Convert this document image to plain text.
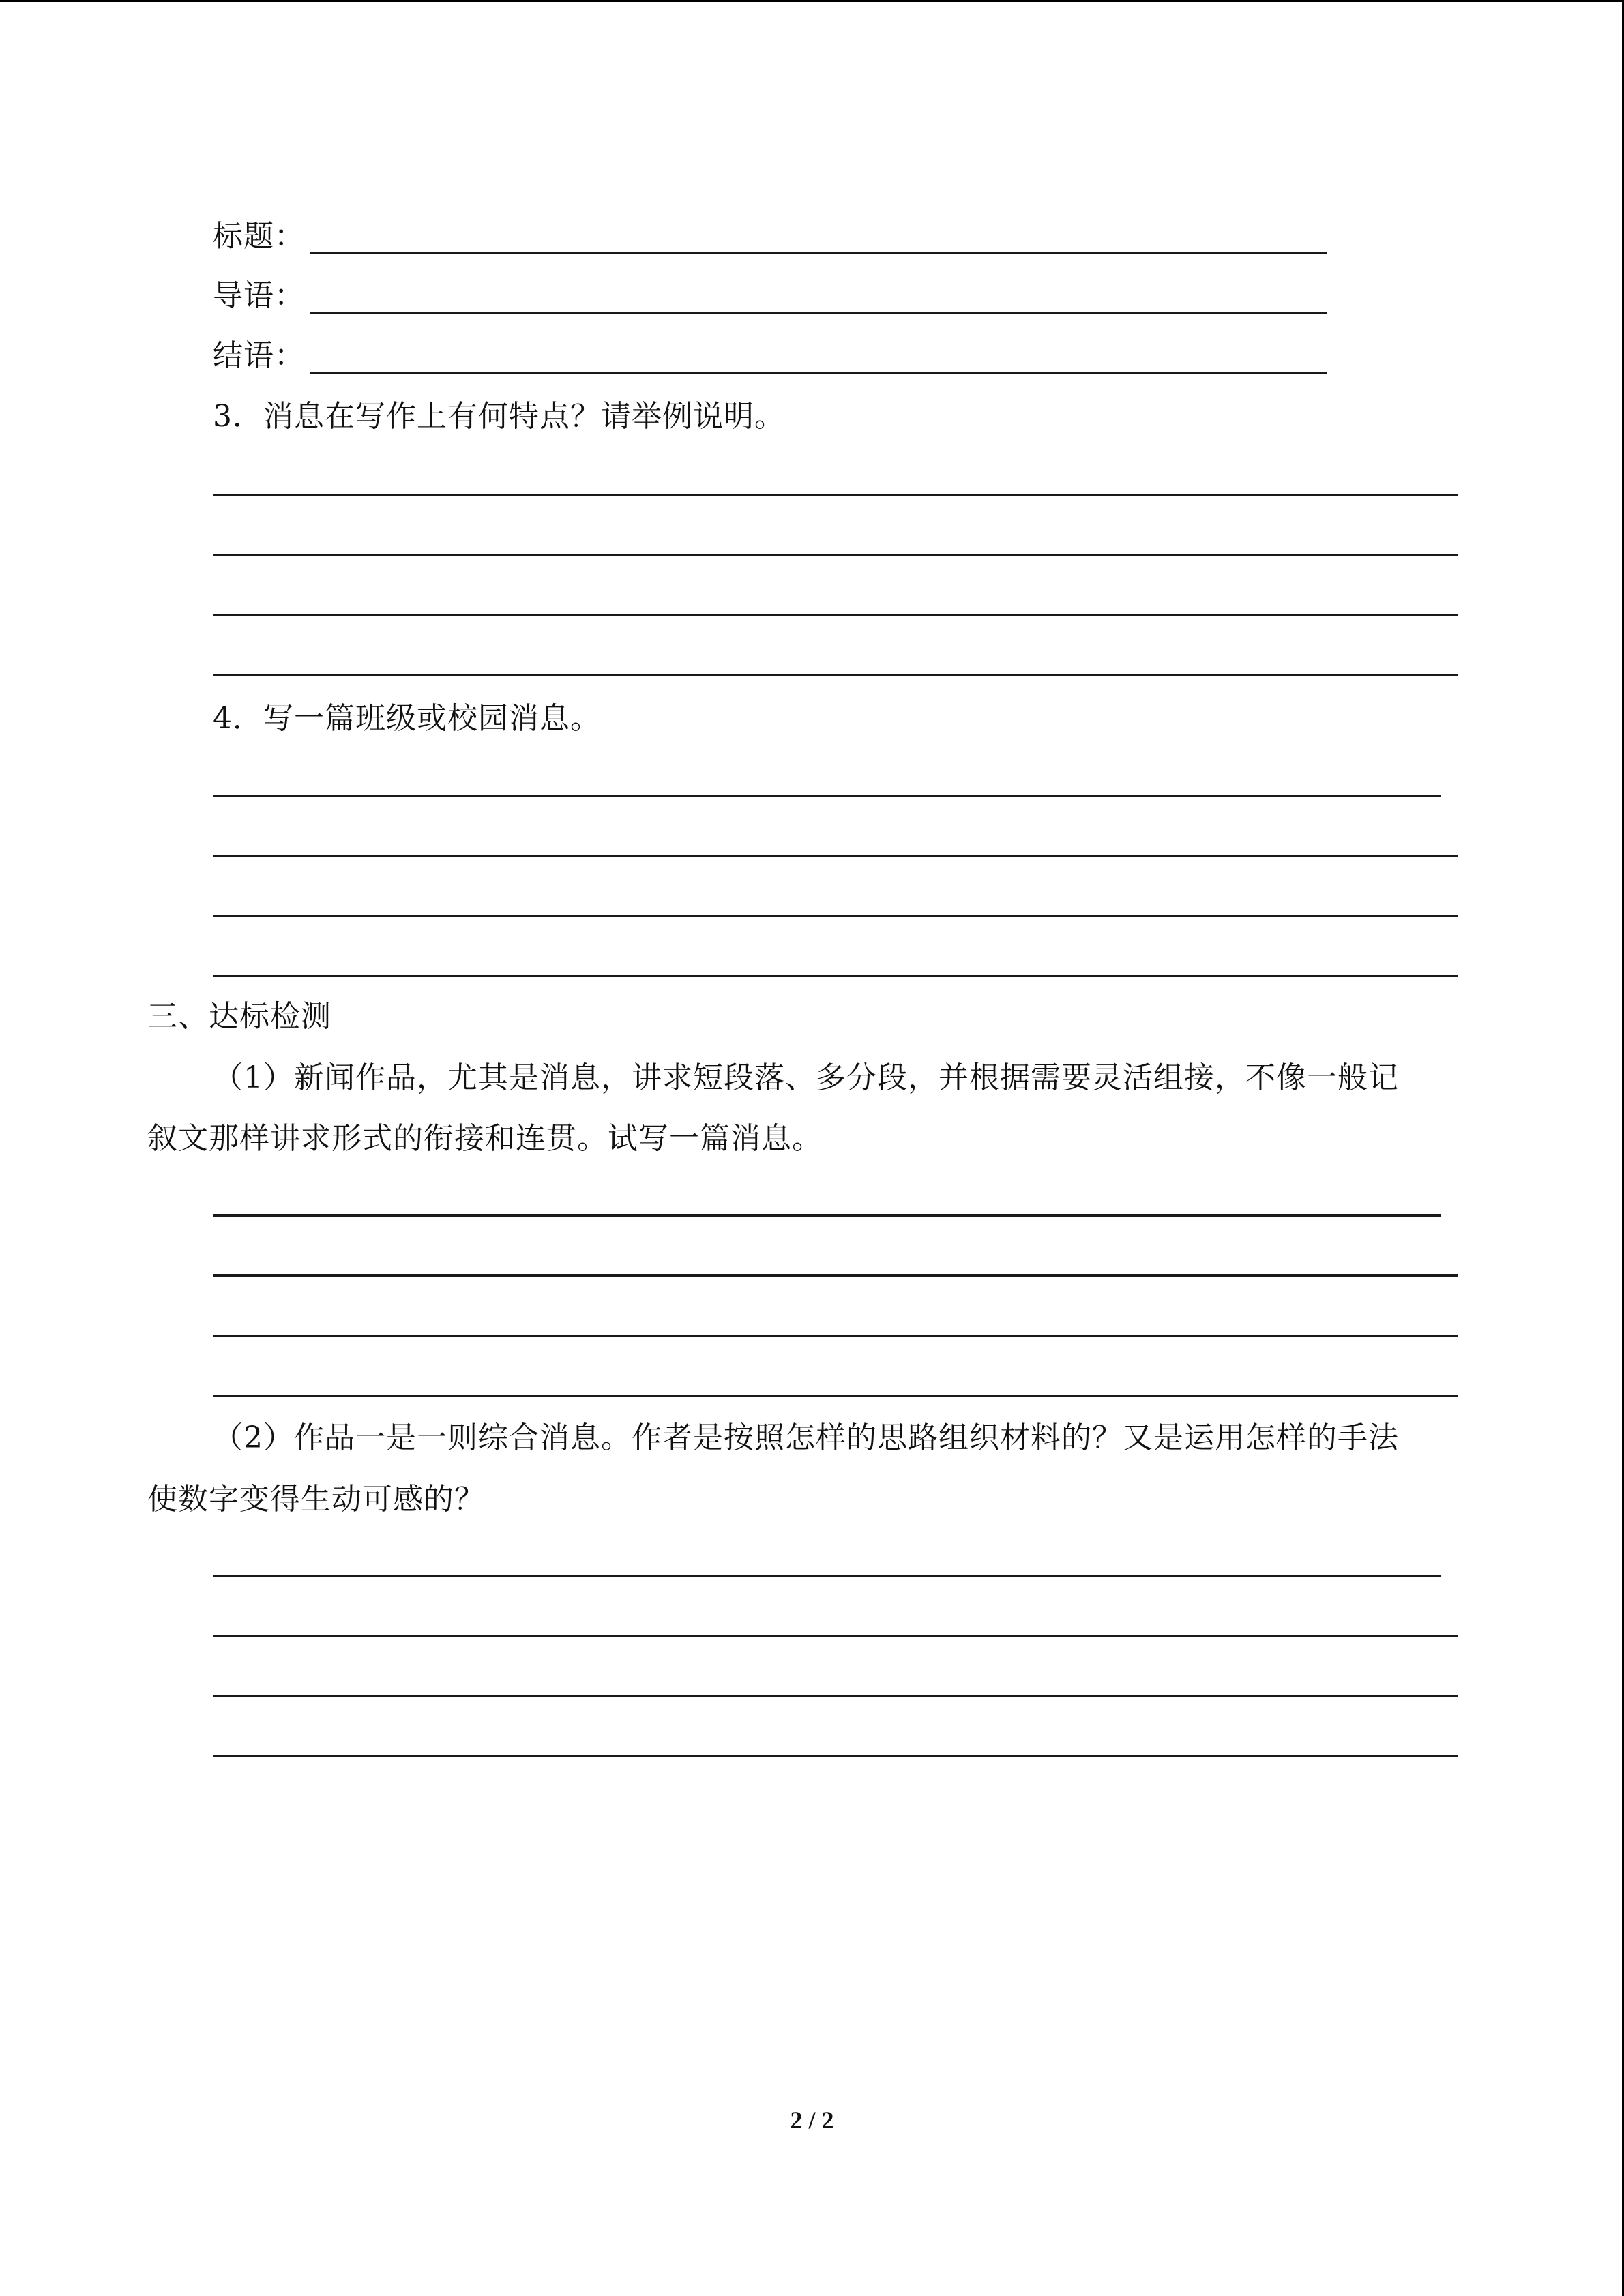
标题：
导语：
结语：
3．消息在写作上有何特点？请举例说明。
4．写一篇班级或校园消息。
三、达标检测
（1）新闻作品，尤其是消息，讲求短段落、多分段，并根据需要灵活组接，不像一般记
叙文那样讲求形式的衔接和连贯。试写一篇消息。
（2）作品一是一则综合消息。作者是按照怎样的思路组织材料的？又是运用怎样的手法
使数字变得生动可感的？
2 / 2
